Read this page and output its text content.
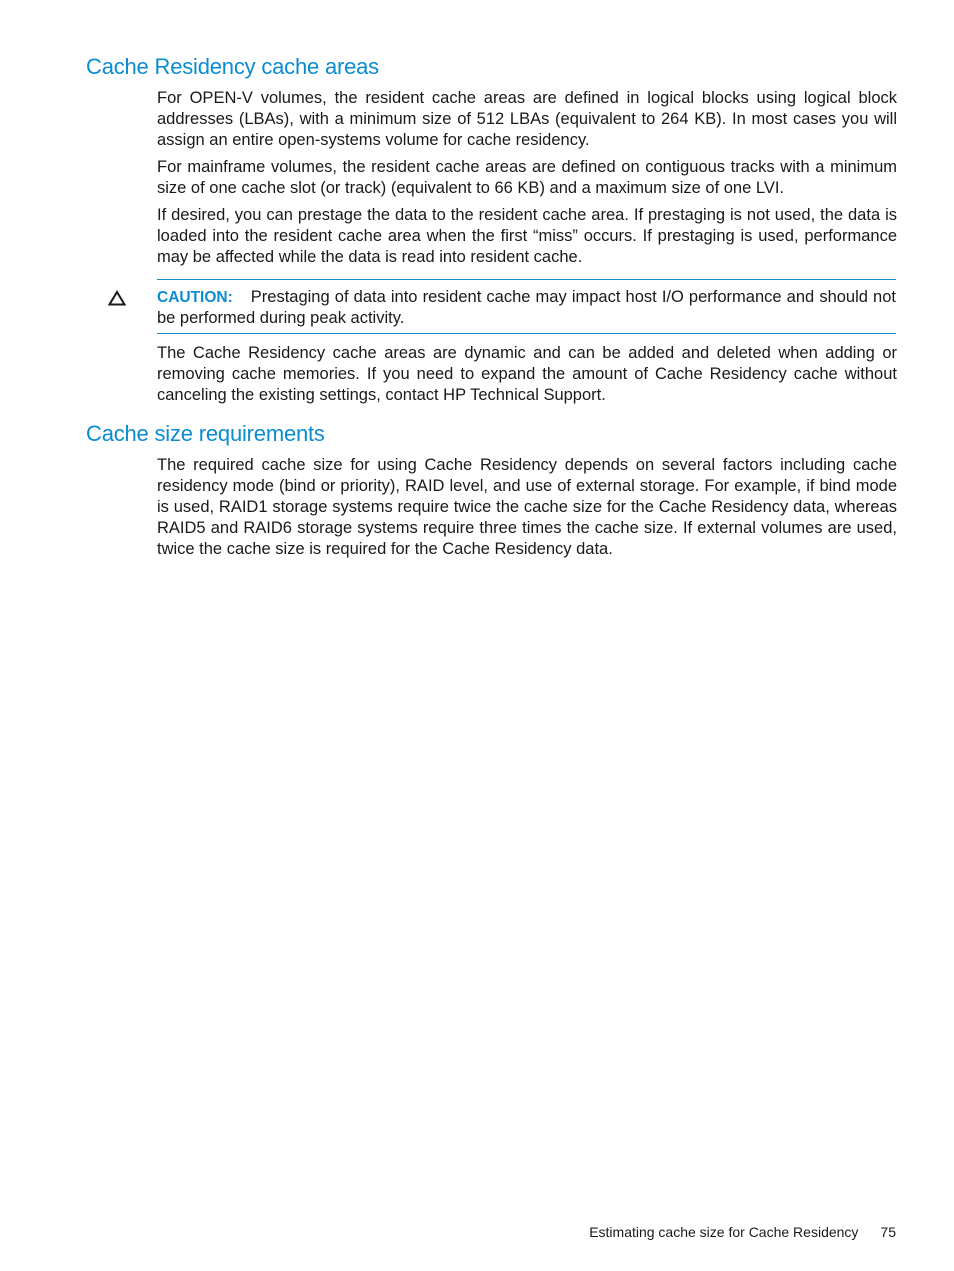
Cache Residency cache areas

For OPEN-V volumes, the resident cache areas are defined in logical blocks using logical block addresses (LBAs), with a minimum size of 512 LBAs (equivalent to 264 KB). In most cases you will assign an entire open-systems volume for cache residency.

For mainframe volumes, the resident cache areas are defined on contiguous tracks with a minimum size of one cache slot (or track) (equivalent to 66 KB) and a maximum size of one LVI.

If desired, you can prestage the data to the resident cache area. If prestaging is not used, the data is loaded into the resident cache area when the first “miss” occurs. If prestaging is used, performance may be affected while the data is read into resident cache.

CAUTION: Prestaging of data into resident cache may impact host I/O performance and should not be performed during peak activity.

The Cache Residency cache areas are dynamic and can be added and deleted when adding or removing cache memories. If you need to expand the amount of Cache Residency cache without canceling the existing settings, contact HP Technical Support.

Cache size requirements

The required cache size for using Cache Residency depends on several factors including cache residency mode (bind or priority), RAID level, and use of external storage. For example, if bind mode is used, RAID1 storage systems require twice the cache size for the Cache Residency data, whereas RAID5 and RAID6 storage systems require three times the cache size. If external volumes are used, twice the cache size is required for the Cache Residency data.

Estimating cache size for Cache Residency 75
